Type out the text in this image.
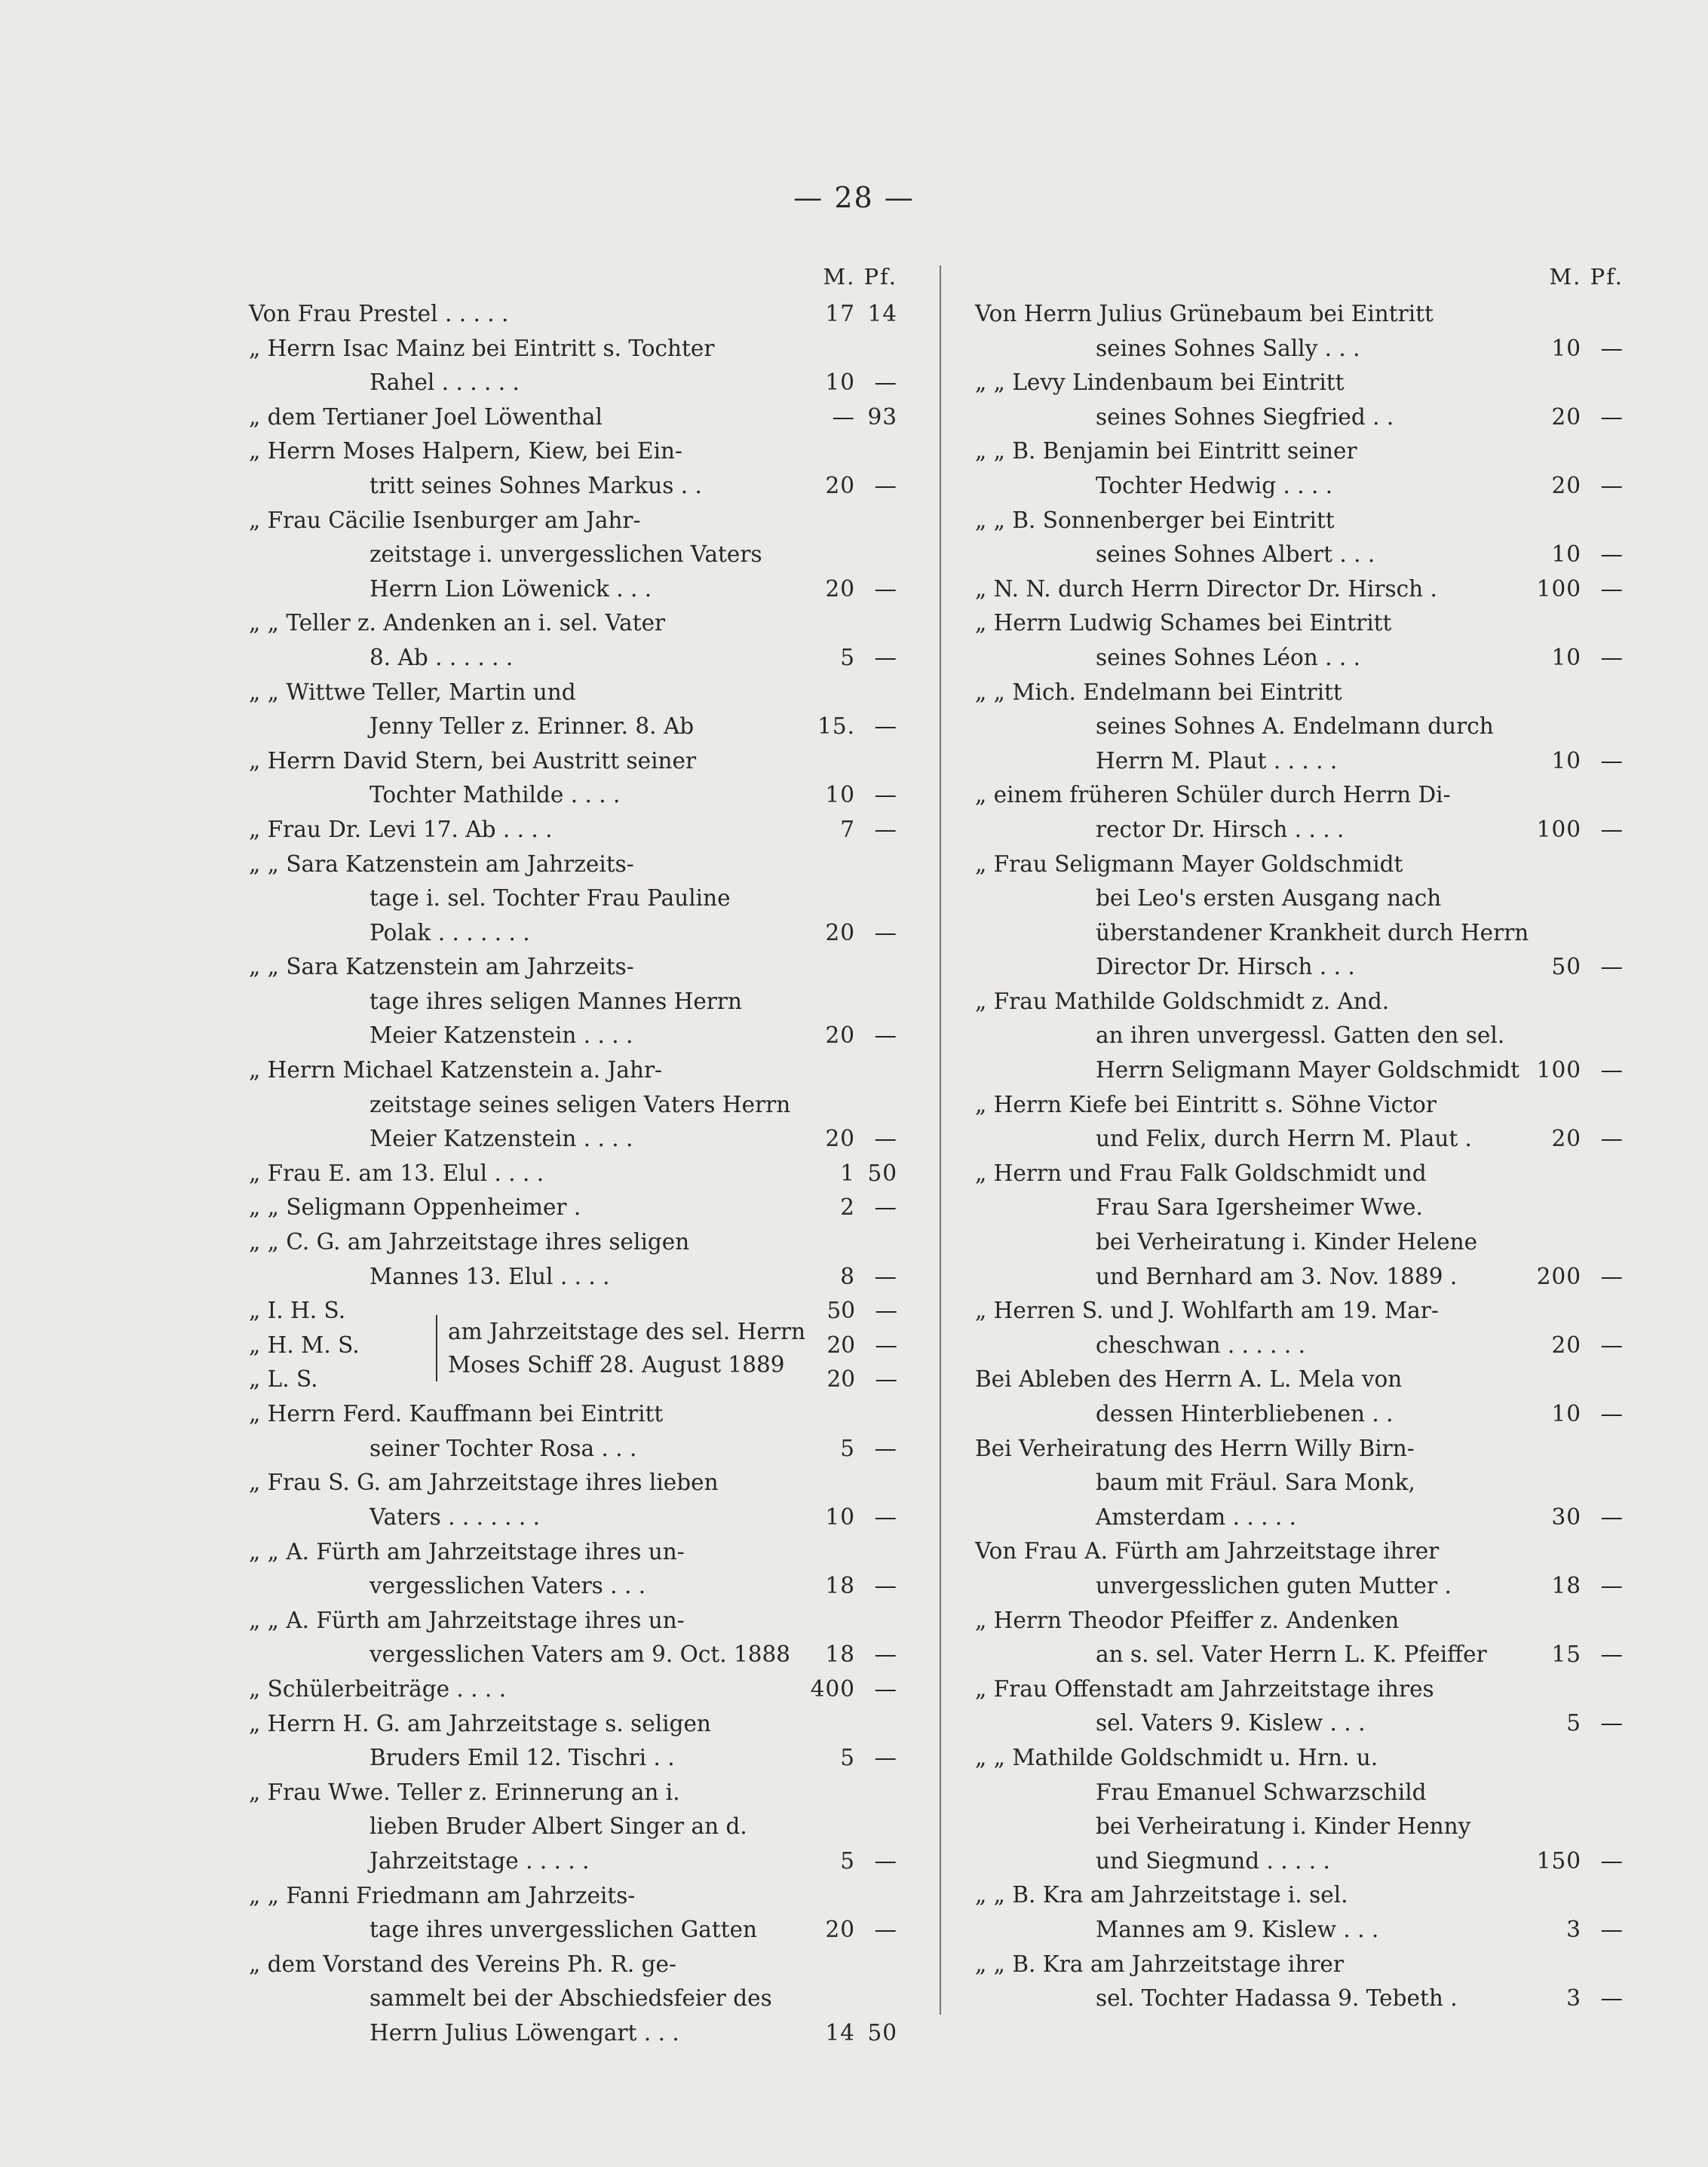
— 28 —
M. Pf.
Von Frau Prestel . . . . .	17 14
„ Herrn Isac Mainz bei Eintritt s. Tochter
Rahel . . . . . .	10 —
„ dem Tertianer Joel Löwenthal	— 93
„ Herrn Moses Halpern, Kiew, bei Ein-
tritt seines Sohnes Markus . .	20 —
„ Frau Cäcilie Isenburger am Jahr-
zeitstage i. unvergesslichen Vaters
Herrn Lion Löwenick . . .	20 —
„ „ Teller z. Andenken an i. sel. Vater
8. Ab . . . . . .	5 —
„ „ Wittwe Teller, Martin und
Jenny Teller z. Erinner. 8. Ab	15. —
„ Herrn David Stern, bei Austritt seiner
Tochter Mathilde . . . .	10 —
„ Frau Dr. Levi 17. Ab . . . .	7 —
„ „ Sara Katzenstein am Jahrzeits-
tage i. sel. Tochter Frau Pauline
Polak . . . . . . .	20 —
„ „ Sara Katzenstein am Jahrzeits-
tage ihres seligen Mannes Herrn
Meier Katzenstein . . . .	20 —
„ Herrn Michael Katzenstein a. Jahr-
zeitstage seines seligen Vaters Herrn
Meier Katzenstein . . . .	20 —
„ Frau E. am 13. Elul . . . .	1 50
„ „ Seligmann Oppenheimer .	2 —
„ „ C. G. am Jahrzeitstage ihres seligen
Mannes 13. Elul . . . .	8 —
„ I. H. S.	50 —
„ H. M. S.	20 —
„ L. S.	20 —
am Jahrzeitstage des sel. Herrn
Moses Schiff 28. August 1889
„ Herrn Ferd. Kauffmann bei Eintritt
seiner Tochter Rosa . . .	5 —
„ Frau S. G. am Jahrzeitstage ihres lieben
Vaters . . . . . . .	10 —
„ „ A. Fürth am Jahrzeitstage ihres un-
vergesslichen Vaters . . .	18 —
„ „ A. Fürth am Jahrzeitstage ihres un-
vergesslichen Vaters am 9. Oct. 1888	18 —
„ Schülerbeiträge . . . .	400 —
„ Herrn H. G. am Jahrzeitstage s. seligen
Bruders Emil 12. Tischri . .	5 —
„ Frau Wwe. Teller z. Erinnerung an i.
lieben Bruder Albert Singer an d.
Jahrzeitstage . . . . .	5 —
„ „ Fanni Friedmann am Jahrzeits-
tage ihres unvergesslichen Gatten	20 —
„ dem Vorstand des Vereins Ph. R. ge-
sammelt bei der Abschiedsfeier des
Herrn Julius Löwengart . . .	14 50
M. Pf.
Von Herrn Julius Grünebaum bei Eintritt
seines Sohnes Sally . . .	10 —
„ „ Levy Lindenbaum bei Eintritt
seines Sohnes Siegfried . .	20 —
„ „ B. Benjamin bei Eintritt seiner
Tochter Hedwig . . . .	20 —
„ „ B. Sonnenberger bei Eintritt
seines Sohnes Albert . . .	10 —
„ N. N. durch Herrn Director Dr. Hirsch .	100 —
„ Herrn Ludwig Schames bei Eintritt
seines Sohnes Léon . . .	10 —
„ „ Mich. Endelmann bei Eintritt
seines Sohnes A. Endelmann durch
Herrn M. Plaut . . . . .	10 —
„ einem früheren Schüler durch Herrn Di-
rector Dr. Hirsch . . . .	100 —
„ Frau Seligmann Mayer Goldschmidt
bei Leo's ersten Ausgang nach
überstandener Krankheit durch Herrn
Director Dr. Hirsch . . .	50 —
„ Frau Mathilde Goldschmidt z. And.
an ihren unvergessl. Gatten den sel.
Herrn Seligmann Mayer Goldschmidt 100 —
„ Herrn Kiefe bei Eintritt s. Söhne Victor
und Felix, durch Herrn M. Plaut .	20 —
„ Herrn und Frau Falk Goldschmidt und
Frau Sara Igersheimer Wwe.
bei Verheiratung i. Kinder Helene
und Bernhard am 3. Nov. 1889 .	200 —
„ Herren S. und J. Wohlfarth am 19. Mar-
cheschwan . . . . . .	20 —
Bei Ableben des Herrn A. L. Mela von
dessen Hinterbliebenen . .	10 —
Bei Verheiratung des Herrn Willy Birn-
baum mit Fräul. Sara Monk,
Amsterdam . . . . .	30 —
Von Frau A. Fürth am Jahrzeitstage ihrer
unvergesslichen guten Mutter .	18 —
„ Herrn Theodor Pfeiffer z. Andenken
an s. sel. Vater Herrn L. K. Pfeiffer	15 —
„ Frau Offenstadt am Jahrzeitstage ihres
sel. Vaters 9. Kislew . . .	5 —
„ „ Mathilde Goldschmidt u. Hrn. u.
Frau Emanuel Schwarzschild
bei Verheiratung i. Kinder Henny
und Siegmund . . . . .	150 —
„ „ B. Kra am Jahrzeitstage i. sel.
Mannes am 9. Kislew . . .	3 —
„ „ B. Kra am Jahrzeitstage ihrer
sel. Tochter Hadassa 9. Tebeth .	3 —
